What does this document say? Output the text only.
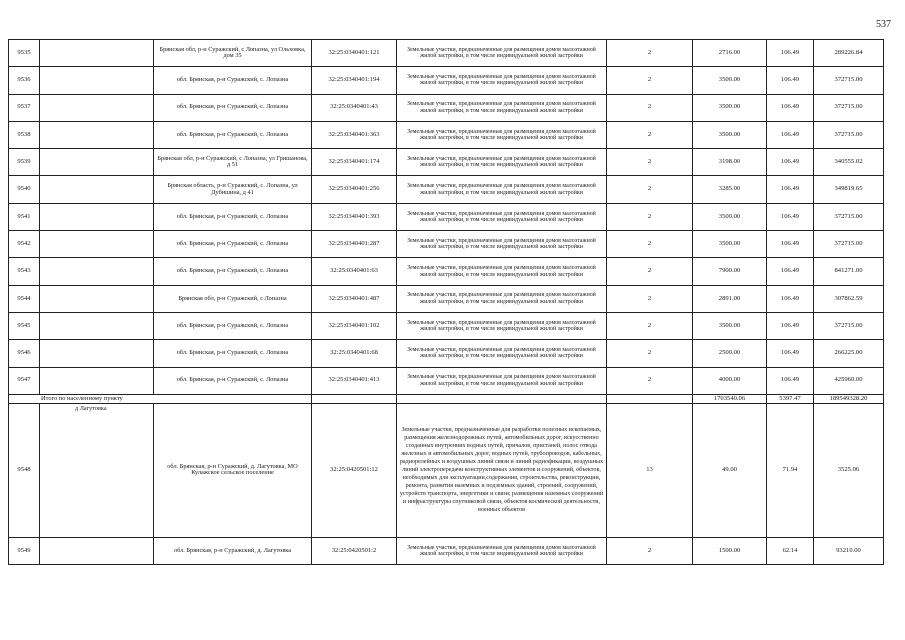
537
9535		Брянская обл, р-н Суражский, с Лопазна, ул Ольховка, дом 35	32:25:0340401:121	Земельные участки, предназначенные для размещения домов малоэтажной жилой застройки, в том числе индивидуальной жилой застройки	2	2716.00	106.49	289226.84
9536		обл. Брянская, р-н Суражский, с. Лопазна	32:25:0340401:194	Земельные участки, предназначенные для размещения домов малоэтажной жилой застройки, в том числе индивидуальной жилой застройки	2	3500.00	106.49	372715.00
9537		обл. Брянская, р-н Суражский, с. Лопазна	32:25:0340401:43	Земельные участки, предназначенные для размещения домов малоэтажной жилой застройки, в том числе индивидуальной жилой застройки	2	3500.00	106.49	372715.00
9538		обл. Брянская, р-н Суражский, с. Лопазна	32:25:0340401:363	Земельные участки, предназначенные для размещения домов малоэтажной жилой застройки, в том числе индивидуальной жилой застройки	2	3500.00	106.49	372715.00
9539		Брянская обл, р-н Суражский, с Лопазна, ул Гришанова, д 51	32:25:0340401:174	Земельные участки, предназначенные для размещения домов малоэтажной жилой застройки, в том числе индивидуальной жилой застройки	2	3198.00	106.49	340555.02
9540		Брянская область, р-н Суражский, с. Лопазна, ул Дубишина, д 41	32:25:0340401:256	Земельные участки, предназначенные для размещения домов малоэтажной жилой застройки, в том числе индивидуальной жилой застройки	2	3285.00	106.49	349819.65
9541		обл. Брянская, р-н Суражский, с. Лопазна	32:25:0340401:393	Земельные участки, предназначенные для размещения домов малоэтажной жилой застройки, в том числе индивидуальной жилой застройки	2	3500.00	106.49	372715.00
9542		обл. Брянская, р-н Суражский, с. Лопазна	32:25:0340401:287	Земельные участки, предназначенные для размещения домов малоэтажной жилой застройки, в том числе индивидуальной жилой застройки	2	3500.00	106.49	372715.00
9543		обл. Брянская, р-н Суражский, с. Лопазна	32:25:0340401:63	Земельные участки, предназначенные для размещения домов малоэтажной жилой застройки, в том числе индивидуальной жилой застройки	2	7900.00	106.49	841271.00
9544		Брянская обл, р-н Суражский, с Лопазна	32:25:0340401:487	Земельные участки, предназначенные для размещения домов малоэтажной жилой застройки, в том числе индивидуальной жилой застройки	2	2891.00	106.49	307862.59
9545		обл. Брянская, р-н Суражский, с. Лопазна	32:25:0340401:102	Земельные участки, предназначенные для размещения домов малоэтажной жилой застройки, в том числе индивидуальной жилой застройки	2	3500.00	106.49	372715.00
9546		обл. Брянская, р-н Суражский, с. Лопазна	32:25:0340401:68	Земельные участки, предназначенные для размещения домов малоэтажной жилой застройки, в том числе индивидуальной жилой застройки	2	2500.00	106.49	266225.00
9547		обл. Брянская, р-н Суражский, с. Лопазна	32:25:0340401:413	Земельные участки, предназначенные для размещения домов малоэтажной жилой застройки, в том числе индивидуальной жилой застройки	2	4000.00	106.49	425960.00
Итого по населенному пункту						1703540.06	5397.47	189549328.20
9548	д Лагутовка	обл. Брянская, р-н Суражский, д. Лагутовка, МО Кулажское сельское поселение	32:25:0420501:12	Земельные участки, предназначенные для разработки полезных ископаемых, размещения железнодорожных путей, автомобильных дорог, искусственно созданных внутренних водных путей, причалов, пристаней, полос отвода железных и автомобильных дорог, водных путей, трубопроводов, кабельных, радиорелейных и воздушных линий связи и линий радиофикации, воздушных линий электропередачи конструктивных элементов и сооружений, объектов, необходимых для эксплуатации,содержания, строительства, реконструкции, ремонта, развития наземных и подземных зданий, строений, сооружений, устройств транспорта, энергетики и связи; размещения наземных сооружений и инфраструктуры спутниковой связи, объектов космической деятельности, военных объектов	13	49.00	71.94	3525.06
9549		обл. Брянская, р-н Суражский, д. Лагутовка	32:25:0420501:2	Земельные участки, предназначенные для размещения домов малоэтажной жилой застройки, в том числе индивидуальной жилой застройки	2	1500.00	62.14	93210.00
